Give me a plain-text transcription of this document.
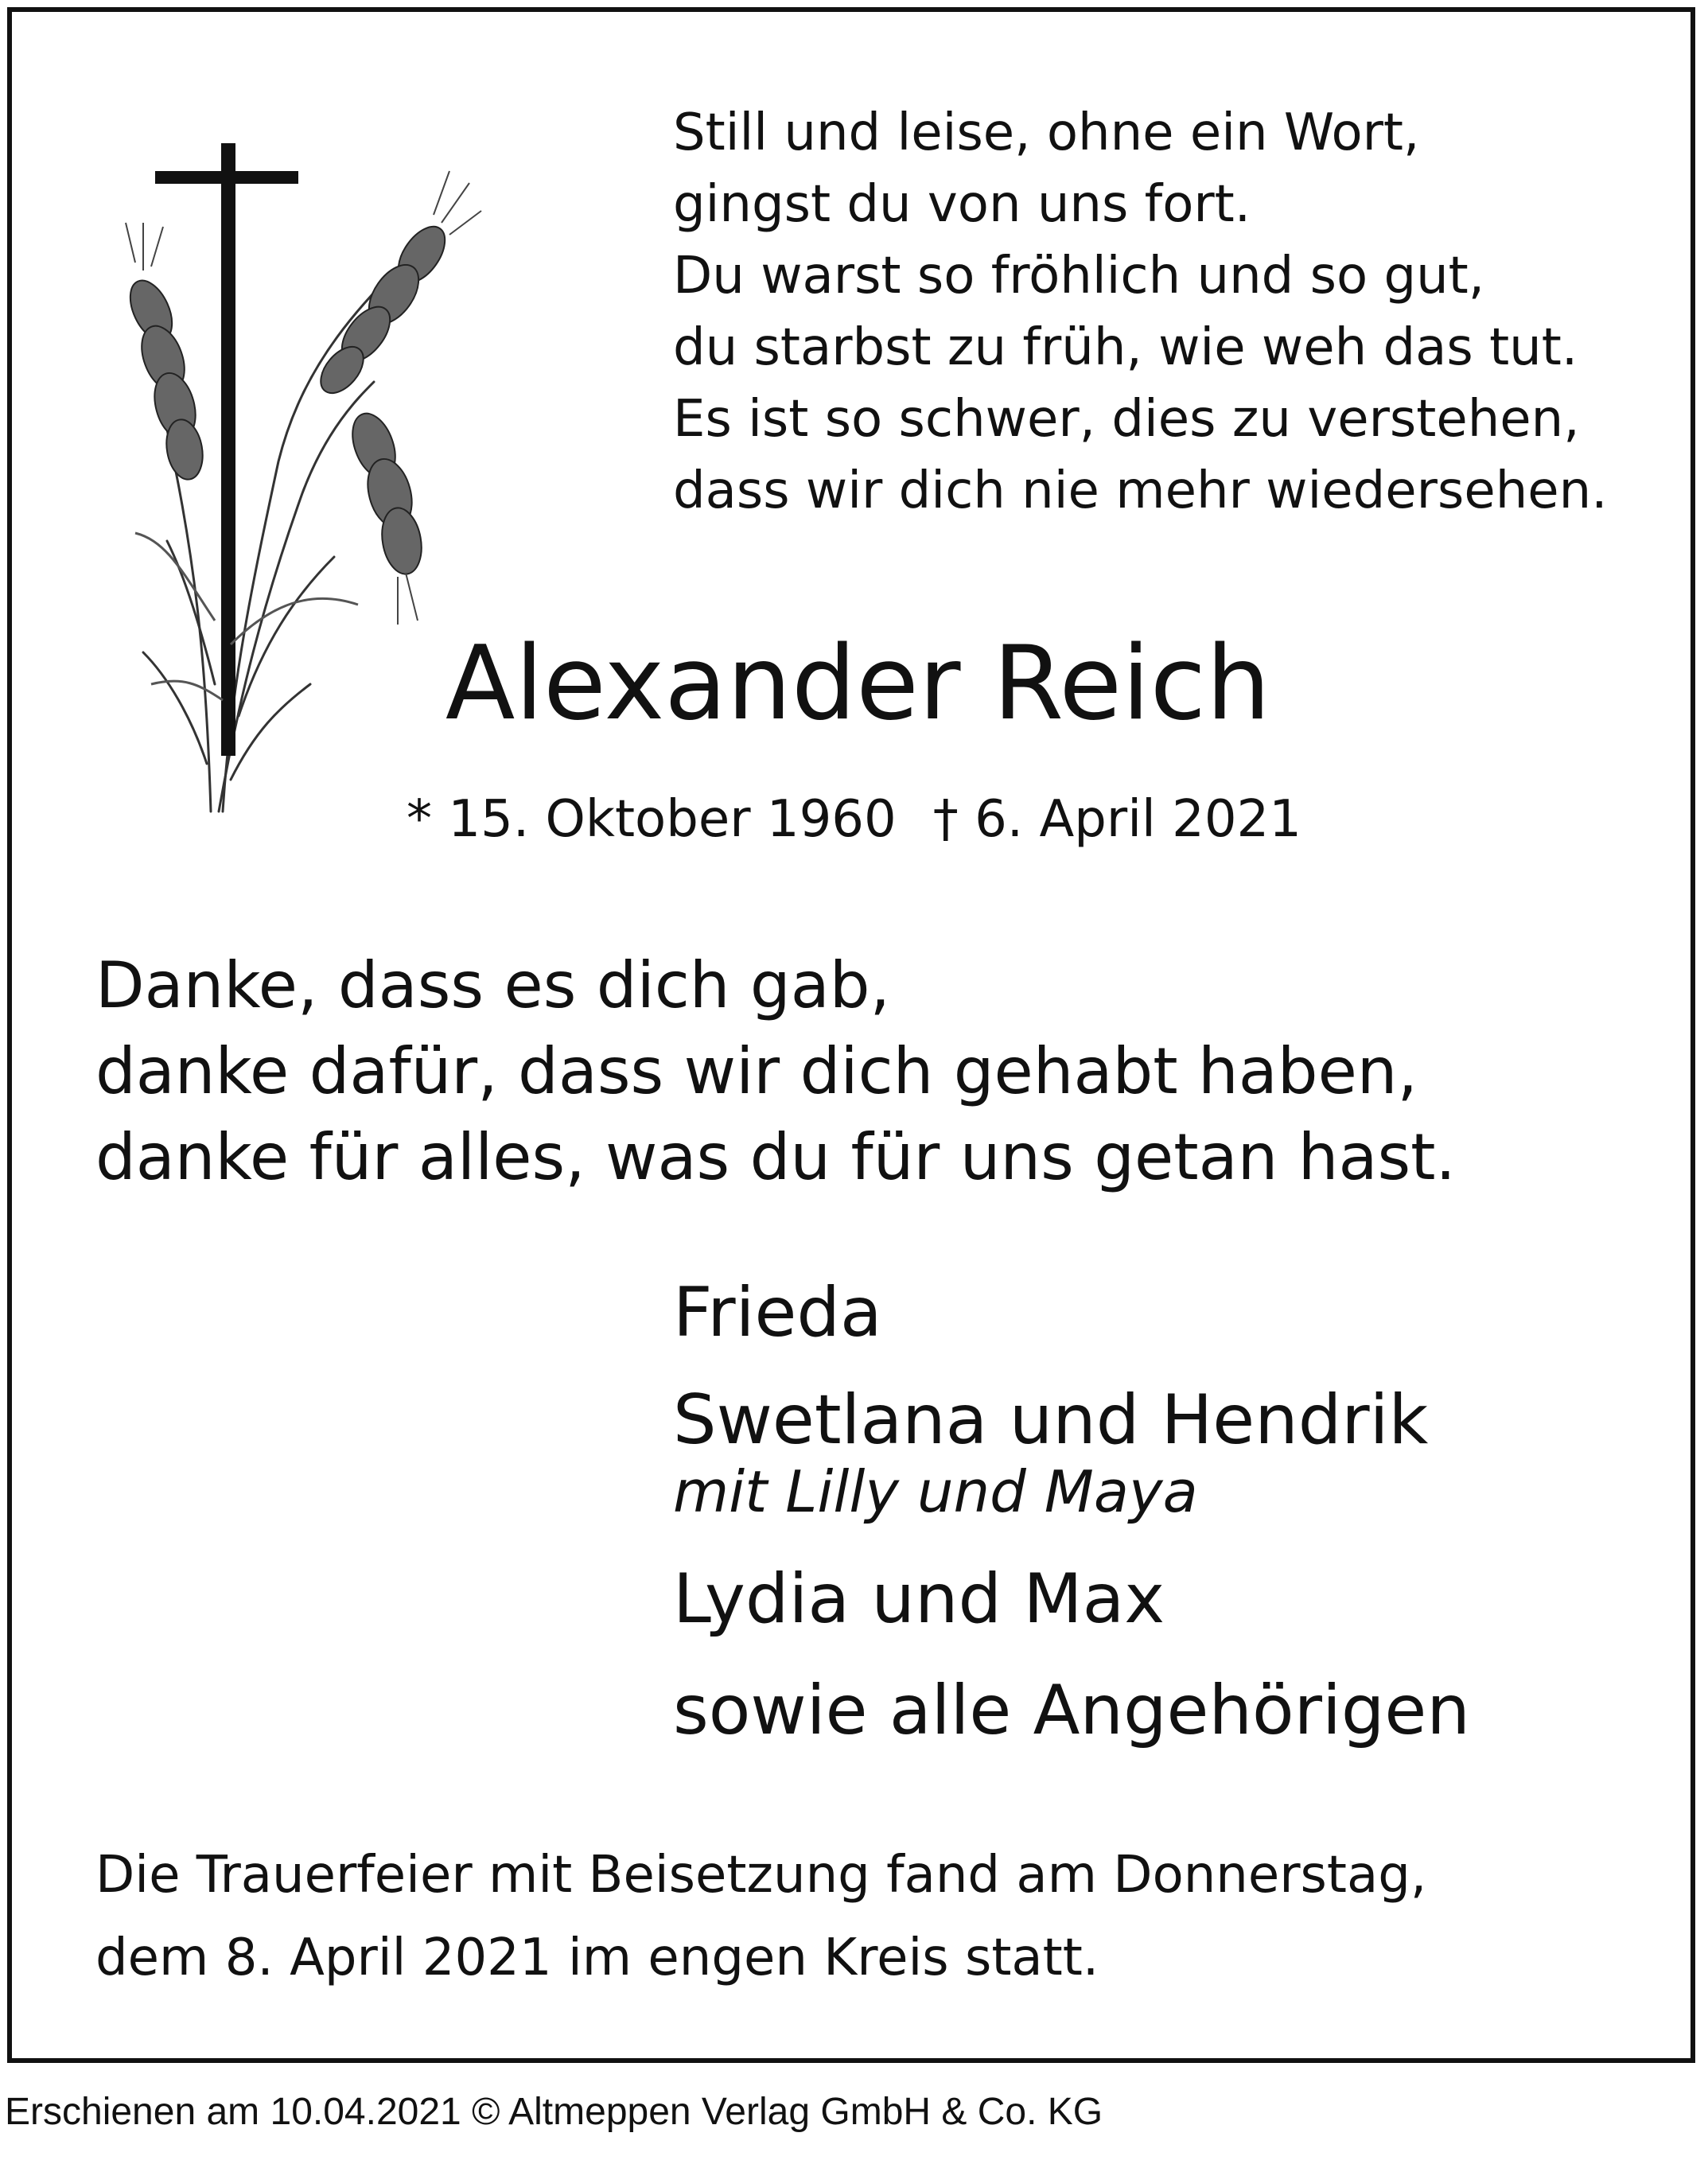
Still und leise, ohne ein Wort,
gingst du von uns fort.
Du warst so fröhlich und so gut,
du starbst zu früh, wie weh das tut.
Es ist so schwer, dies zu verstehen,
dass wir dich nie mehr wiedersehen.
Alexander Reich
* 15. Oktober 1960 † 6. April 2021
Danke, dass es dich gab,
danke dafür, dass wir dich gehabt haben,
danke für alles, was du für uns getan hast.
Frieda
Swetlana und Hendrik
mit Lilly und Maya
Lydia und Max
sowie alle Angehörigen
Die Trauerfeier mit Beisetzung fand am Donnerstag,
dem 8. April 2021 im engen Kreis statt.
Erschienen am 10.04.2021 © Altmeppen Verlag GmbH & Co. KG
